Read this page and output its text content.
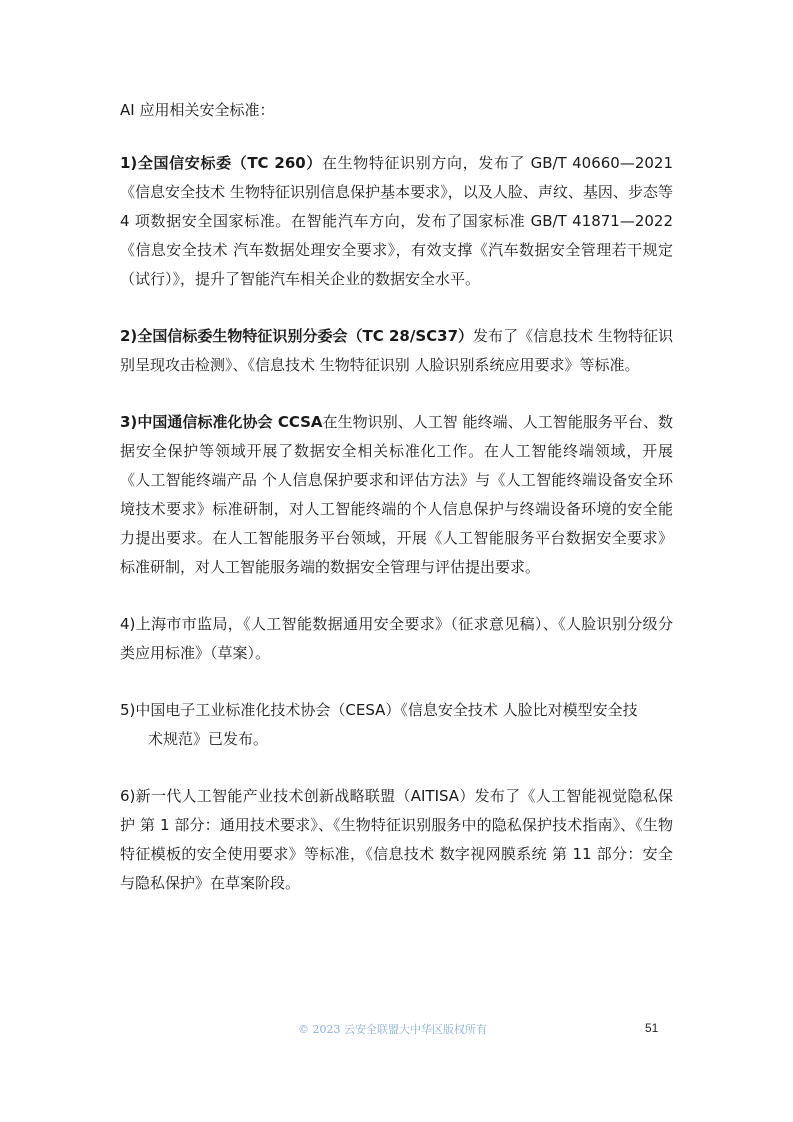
AI 应用相关安全标准：

1)全国信安标委（TC 260）在生物特征识别方向，发布了 GB/T 40660—2021《信息安全技术 生物特征识别信息保护基本要求》，以及人脸、声纹、基因、步态等 4 项数据安全国家标准。在智能汽车方向，发布了国家标准 GB/T 41871—2022《信息安全技术 汽车数据处理安全要求》，有效支撑《汽车数据安全管理若干规定（试行）》，提升了智能汽车相关企业的数据安全水平。

2)全国信标委生物特征识别分委会（TC 28/SC37）发布了《信息技术 生物特征识别呈现攻击检测》、《信息技术 生物特征识别 人脸识别系统应用要求》等标准。

3)中国通信标准化协会 CCSA在生物识别、人工智 能终端、人工智能服务平台、数据安全保护等领域开展了数据安全相关标准化工作。在人工智能终端领域，开展《人工智能终端产品 个人信息保护要求和评估方法》与《人工智能终端设备安全环境技术要求》标准研制，对人工智能终端的个人信息保护与终端设备环境的安全能力提出要求。在人工智能服务平台领域，开展《人工智能服务平台数据安全要求》标准研制，对人工智能服务端的数据安全管理与评估提出要求。

4)上海市市监局，《人工智能数据通用安全要求》（征求意见稿）、《人脸识别分级分类应用标准》（草案）。

5)中国电子工业标准化技术协会（CESA）《信息安全技术 人脸比对模型安全技

术规范》已发布。

6)新一代人工智能产业技术创新战略联盟（AITISA）发布了《人工智能视觉隐私保护 第 1 部分：通用技术要求》、《生物特征识别服务中的隐私保护技术指南》、《生物特征模板的安全使用要求》等标准，《信息技术 数字视网膜系统 第 11 部分：安全与隐私保护》在草案阶段。

© 2023 云安全联盟大中华区版权所有	51
